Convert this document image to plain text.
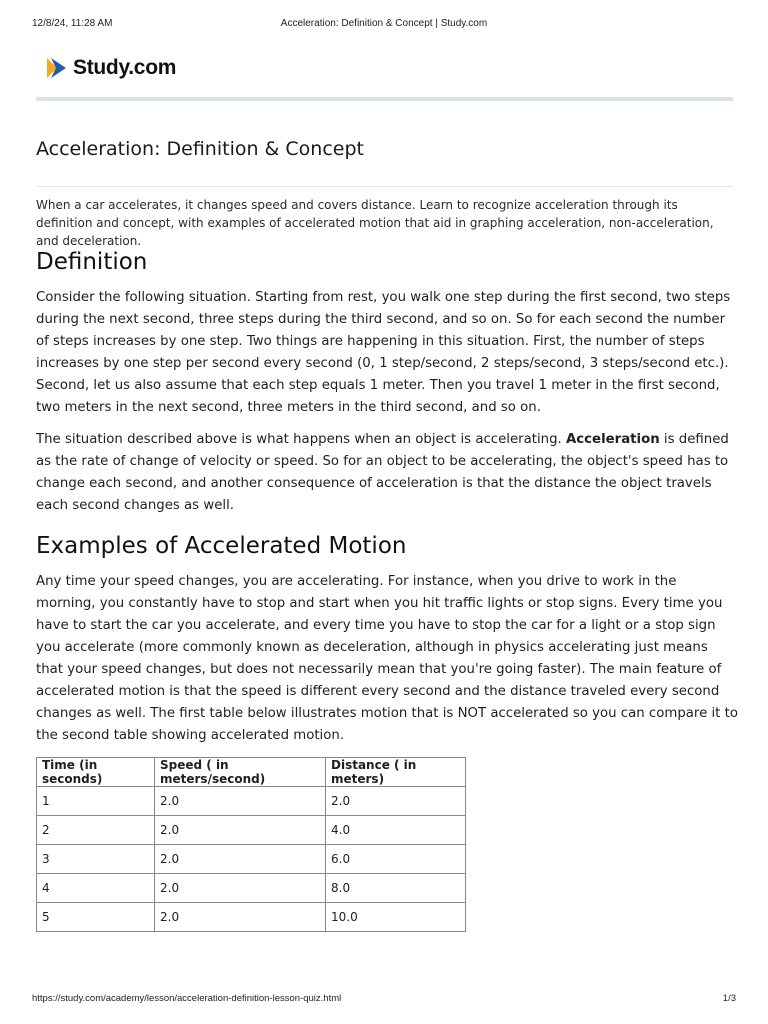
12/8/24, 11:28 AM	Acceleration: Definition & Concept | Study.com
Study.com
Acceleration: Definition & Concept

When a car accelerates, it changes speed and covers distance. Learn to recognize acceleration through its definition and concept, with examples of accelerated motion that aid in graphing acceleration, non-acceleration, and deceleration.

Definition

Consider the following situation. Starting from rest, you walk one step during the first second, two steps during the next second, three steps during the third second, and so on. So for each second the number of steps increases by one step. Two things are happening in this situation. First, the number of steps increases by one step per second every second (0, 1 step/second, 2 steps/second, 3 steps/second etc.). Second, let us also assume that each step equals 1 meter. Then you travel 1 meter in the first second, two meters in the next second, three meters in the third second, and so on.

The situation described above is what happens when an object is accelerating. Acceleration is defined as the rate of change of velocity or speed. So for an object to be accelerating, the object's speed has to change each second, and another consequence of acceleration is that the distance the object travels each second changes as well.

Examples of Accelerated Motion

Any time your speed changes, you are accelerating. For instance, when you drive to work in the morning, you constantly have to stop and start when you hit traffic lights or stop signs. Every time you have to start the car you accelerate, and every time you have to stop the car for a light or a stop sign you accelerate (more commonly known as deceleration, although in physics accelerating just means that your speed changes, but does not necessarily mean that you're going faster). The main feature of accelerated motion is that the speed is different every second and the distance traveled every second changes as well. The first table below illustrates motion that is NOT accelerated so you can compare it to the second table showing accelerated motion.

Time (in seconds)	Speed ( in meters/second)	Distance ( in meters)
1	2.0	2.0
2	2.0	4.0
3	2.0	6.0
4	2.0	8.0
5	2.0	10.0
https://study.com/academy/lesson/acceleration-definition-lesson-quiz.html	1/3
